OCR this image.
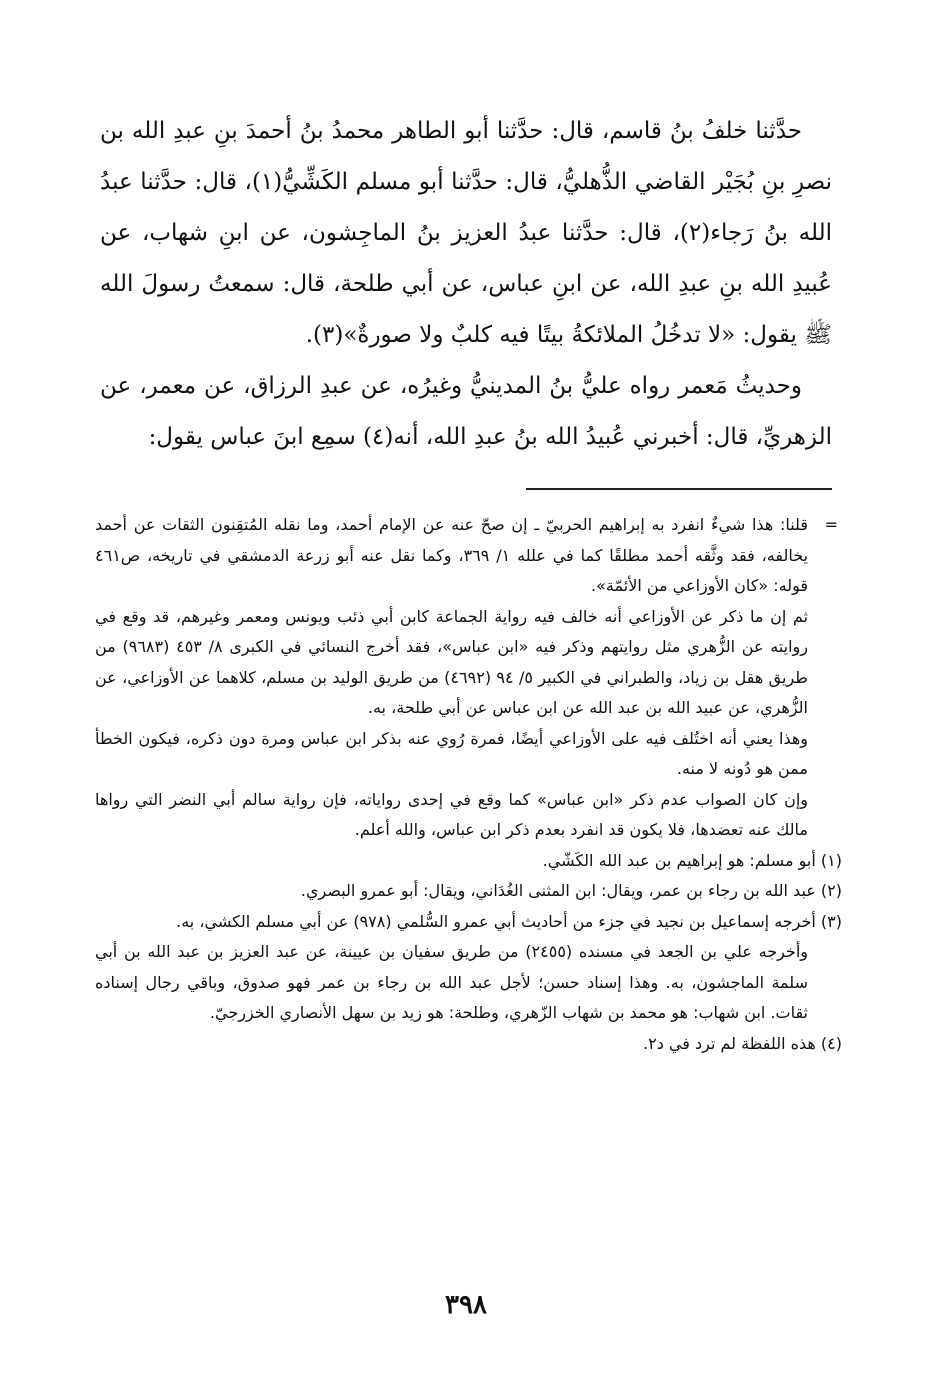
حدَّثنا خلفُ بنُ قاسم، قال: حدَّثنا أبو الطاهر محمدُ بنُ أحمدَ بنِ عبدِ الله بن نصرِ بنِ بُجَيْر القاضي الذُّهليُّ، قال: حدَّثنا أبو مسلم الكَشِّيُّ(١)، قال: حدَّثنا عبدُ الله بنُ رَجاء(٢)، قال: حدَّثنا عبدُ العزيز بنُ الماجِشون، عن ابنِ شهاب، عن عُبيدِ الله بنِ عبدِ الله، عن ابنِ عباس، عن أبي طلحة، قال: سمعتُ رسولَ الله ﷺ يقول: «لا تدخُلُ الملائكةُ بيتًا فيه كلبٌ ولا صورةٌ»(٣).

وحديثُ مَعمر رواه عليُّ بنُ المدينيُّ وغيرُه، عن عبدِ الرزاق، عن معمر، عن الزهريِّ، قال: أخبرني عُبيدُ الله بنُ عبدِ الله، أنه(٤) سمِع ابنَ عباس يقول:

=
قلنا: هذا شيءٌ انفرد به إبراهيم الحربيّ ـ إن صحّ عنه عن الإمام أحمد، وما نقله المُتقِنون الثقات عن أحمد يخالفه، فقد وثَّقه أحمد مطلقًا كما في علله ١/ ٣٦٩، وكما نقل عنه أبو زرعة الدمشقي في تاريخه، ص٤٦١ قوله: «كان الأوزاعي من الأئمّة».

ثم إن ما ذكر عن الأوزاعي أنه خالف فيه رواية الجماعة كابن أبي ذئب ويونس ومعمر وغيرهم، قد وقع في روايته عن الزُّهري مثل روايتهم وذكر فيه «ابن عباس»، فقد أخرج النسائي في الكبرى ٨/ ٤٥٣ (٩٦٨٣) من طريق هقل بن زياد، والطبراني في الكبير ٥/ ٩٤ (٤٦٩٢) من طريق الوليد بن مسلم، كلاهما عن الأوزاعي، عن الزُّهري، عن عبيد الله بن عبد الله عن ابن عباس عن أبي طلحة، به.

وهذا يعني أنه اختُلف فيه على الأوزاعي أيضًا، فمرة رُوي عنه بذكر ابن عباس ومرة دون ذكره، فيكون الخطأ ممن هو دُونه لا منه.

وإن كان الصواب عدم ذكر «ابن عباس» كما وقع في إحدى رواياته، فإن رواية سالم أبي النضر التي رواها مالك عنه تعضدها، فلا يكون قد انفرد بعدم ذكر ابن عباس، والله أعلم.

(١) أبو مسلم: هو إبراهيم بن عبد الله الكَشّي.

(٢) عبد الله بن رجاء بن عمر، ويقال: ابن المثنى الغُدَاني، ويقال: أبو عمرو البصري.

(٣) أخرجه إسماعيل بن نجيد في جزء من أحاديث أبي عمرو السُّلمي (٩٧٨) عن أبي مسلم الكشي، به.

وأخرجه علي بن الجعد في مسنده (٢٤٥٥) من طريق سفيان بن عيينة، عن عبد العزيز بن عبد الله بن أبي سلمة الماجشون، به. وهذا إسناد حسن؛ لأجل عبد الله بن رجاء بن عمر فهو صدوق، وباقي رجال إسناده ثقات. ابن شهاب: هو محمد بن شهاب الزّهري، وطلحة: هو زيد بن سهل الأنصاري الخزرجيّ.

(٤) هذه اللفظة لم ترد في د٢.

٣٩٨
